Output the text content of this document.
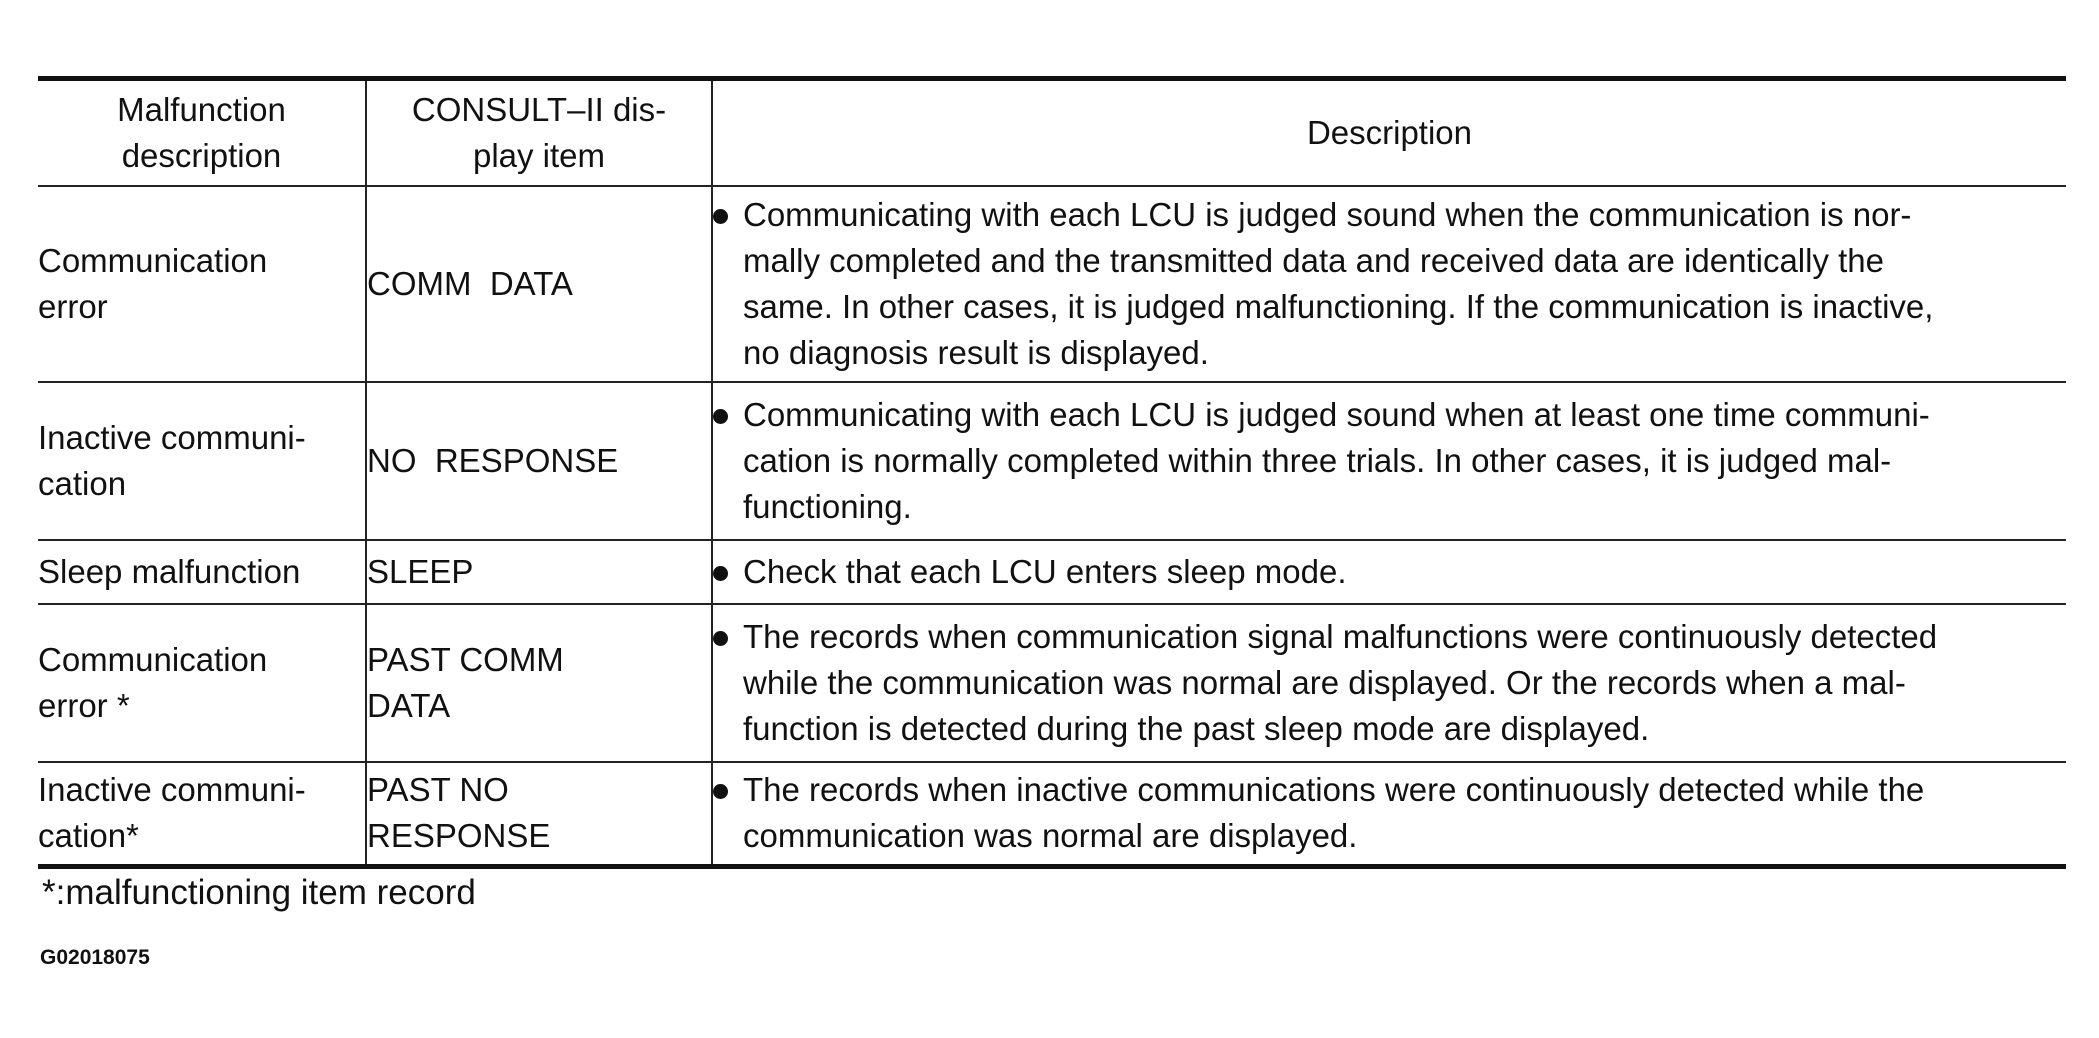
Malfunction
description	CONSULT–II dis-
play item	Description

Communication
error	COMM  DATA	Communicating with each LCU is judged sound when the communication is nor-
mally completed and the transmitted data and received data are identically the
same. In other cases, it is judged malfunctioning. If the communication is inactive,
no diagnosis result is displayed.

Inactive communi-
cation	NO  RESPONSE	Communicating with each LCU is judged sound when at least one time communi-
cation is normally completed within three trials. In other cases, it is judged mal-
functioning.

Sleep malfunction	SLEEP	Check that each LCU enters sleep mode.

Communication
error *	PAST COMM
DATA	The records when communication signal malfunctions were continuously detected
while the communication was normal are displayed. Or the records when a mal-
function is detected during the past sleep mode are displayed.

Inactive communi-
cation*	PAST NO
RESPONSE	The records when inactive communications were continuously detected while the
communication was normal are displayed.
*:malfunctioning item record
G02018075
